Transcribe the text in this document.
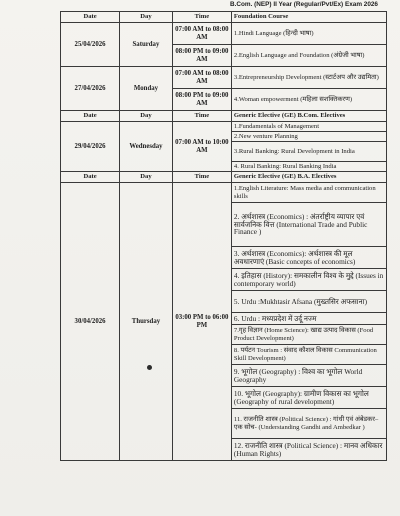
B.Com. (NEP) II Year (Regular/Pvt/Ex) Exam 2026
Date	Day	Time	Foundation Course
25/04/2026	Saturday	07:00 AM to 08:00 AM	1.Hindi Language (हिन्दी भाषा)
		08:00 PM to 09:00 AM	2.English Language and Foundation (अंग्रेजी भाषा)
27/04/2026	Monday	07:00 AM to 08:00 AM	3.Entrepreneurship Development (स्टार्टअप और उद्यमिता)
		08:00 PM to 09:00 AM	4.Woman empowerment (महिला सशक्तिकरण)
Date	Day	Time	Generic Elective (GE) B.Com. Electives
29/04/2026	Wednesday	07:00 AM to 10:00 AM	1.Fundamentals of Management
			2.New venture Planning
			3.Rural Banking: Rural Development in India
			4. Rural Banking: Rural Banking India
Date	Day	Time	Generic Elective (GE) B.A. Electives
30/04/2026	Thursday	03:00 PM to 06:00 PM	1.English Literature: Mass media and communication skills
			2. अर्थशास्त्र (Economics) : अंतर्राष्ट्रीय व्यापार एवं सार्वजनिक वित्त (International Trade and Public Finance )
			3. अर्थशास्त्र (Economics): अर्थशास्त्र की मूल अवधारणाएं (Basic concepts of economics)
			4. इतिहास (History): समकालीन विश्व के मुद्दे (Issues in contemporary world)
			5. Urdu :Mukhtasir Afsana (मुख्तसिर अफसाना)
			6. Urdu : मध्यप्रदेश में उर्दू नज्म
			7.गृह विज्ञान (Home Science): खाद्य उत्पाद विकास (Food Product Development)
			8. पर्यटन Tourism : संवाद कौशल विकास Communication Skill Development)
			9. भूगोल (Geography) : विश्व का भूगोल World Geography
			10. भूगोल (Geography): ग्रामीण विकास का भूगोल (Geography of rural development)
			11. राजनीति शास्त्र (Political Science) : गांधी एवं अंबेडकर– एक सोच- (Understanding Gandhi and Ambedkar )
			12. राजनीति शास्त्र (Political Science) : मानव अधिकार (Human Rights)
